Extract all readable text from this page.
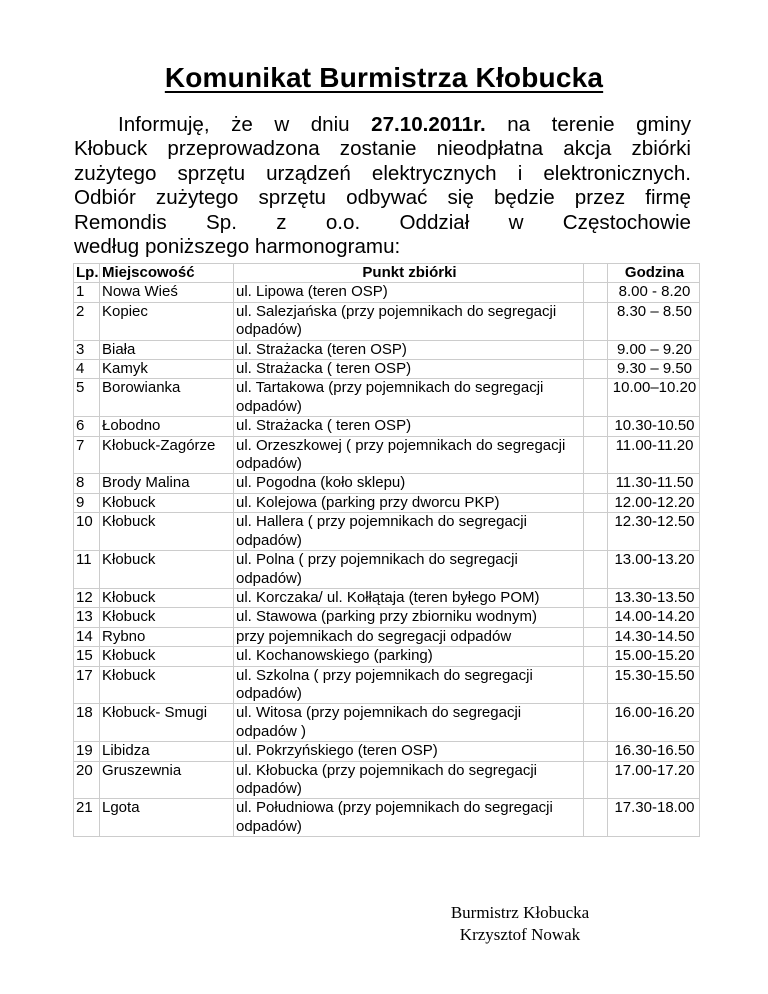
Komunikat Burmistrza Kłobucka
Informuję, że w dniu 27.10.2011r. na terenie gminy
Kłobuck przeprowadzona zostanie nieodpłatna akcja zbiórki
zużytego sprzętu urządzeń elektrycznych i elektronicznych.
Odbiór zużytego sprzętu odbywać się będzie przez firmę
Remondis Sp. z o.o. Oddział w Częstochowie
według poniższego harmonogramu:
Lp.	Miejscowość	Punkt zbiórki		Godzina
1	Nowa Wieś	ul. Lipowa (teren OSP)		8.00 - 8.20
2	Kopiec	ul. Salezjańska (przy pojemnikach do segregacji odpadów)		8.30 – 8.50
3	Biała	ul. Strażacka (teren OSP)		9.00 – 9.20
4	Kamyk	ul. Strażacka ( teren OSP)		9.30 – 9.50
5	Borowianka	ul. Tartakowa (przy pojemnikach do segregacji odpadów)		10.00–10.20
6	Łobodno	ul. Strażacka ( teren OSP)		10.30-10.50
7	Kłobuck-Zagórze	ul. Orzeszkowej ( przy pojemnikach do segregacji odpadów)		11.00-11.20
8	Brody Malina	ul. Pogodna (koło sklepu)		11.30-11.50
9	Kłobuck	ul. Kolejowa (parking przy dworcu PKP)		12.00-12.20
10	Kłobuck	ul. Hallera ( przy pojemnikach do segregacji odpadów)		12.30-12.50
11	Kłobuck	ul. Polna ( przy pojemnikach do segregacji odpadów)		13.00-13.20
12	Kłobuck	ul. Korczaka/ ul. Kołłątaja (teren byłego POM)		13.30-13.50
13	Kłobuck	ul. Stawowa (parking przy zbiorniku wodnym)		14.00-14.20
14	Rybno	przy pojemnikach do segregacji odpadów		14.30-14.50
15	Kłobuck	ul. Kochanowskiego (parking)		15.00-15.20
17	Kłobuck	ul. Szkolna ( przy pojemnikach do segregacji odpadów)		15.30-15.50
18	Kłobuck- Smugi	ul. Witosa (przy pojemnikach do segregacji odpadów )		16.00-16.20
19	Libidza	ul. Pokrzyńskiego (teren OSP)		16.30-16.50
20	Gruszewnia	ul. Kłobucka (przy pojemnikach do segregacji odpadów)		17.00-17.20
21	Lgota	ul. Południowa (przy pojemnikach do segregacji odpadów)		17.30-18.00
Burmistrz Kłobucka
Krzysztof Nowak
